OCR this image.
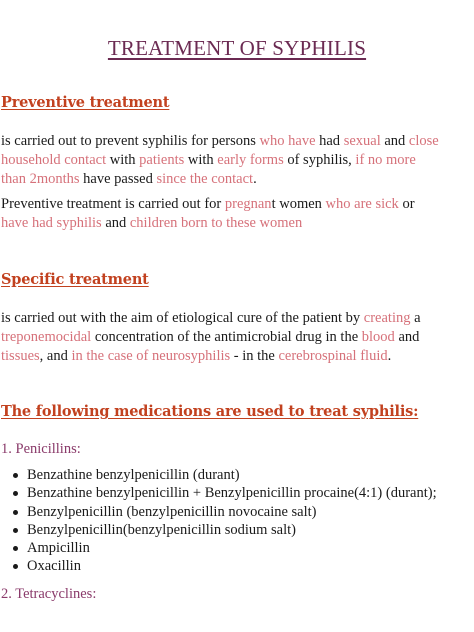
TREATMENT OF SYPHILIS
Preventive treatment
is carried out to prevent syphilis for persons who have had sexual and close
household contact with patients with early forms of syphilis, if no more
than 2months have passed since the contact.
Preventive treatment is carried out for pregnant women who are sick or
have had syphilis and children born to these women
Specific treatment
is carried out with the aim of etiological cure of the patient by creating a
treponemocidal concentration of the antimicrobial drug in the blood and
tissues, and in the case of neurosyphilis - in the cerebrospinal fluid.
The following medications are used to treat syphilis:
1. Penicillins:
Benzathine benzylpenicillin (durant)
Benzathine benzylpenicillin + Benzylpenicillin procaine(4:1) (durant);
Benzylpenicillin (benzylpenicillin novocaine salt)
Benzylpenicillin(benzylpenicillin sodium salt)
Ampicillin
Oxacillin
2. Tetracyclines:
